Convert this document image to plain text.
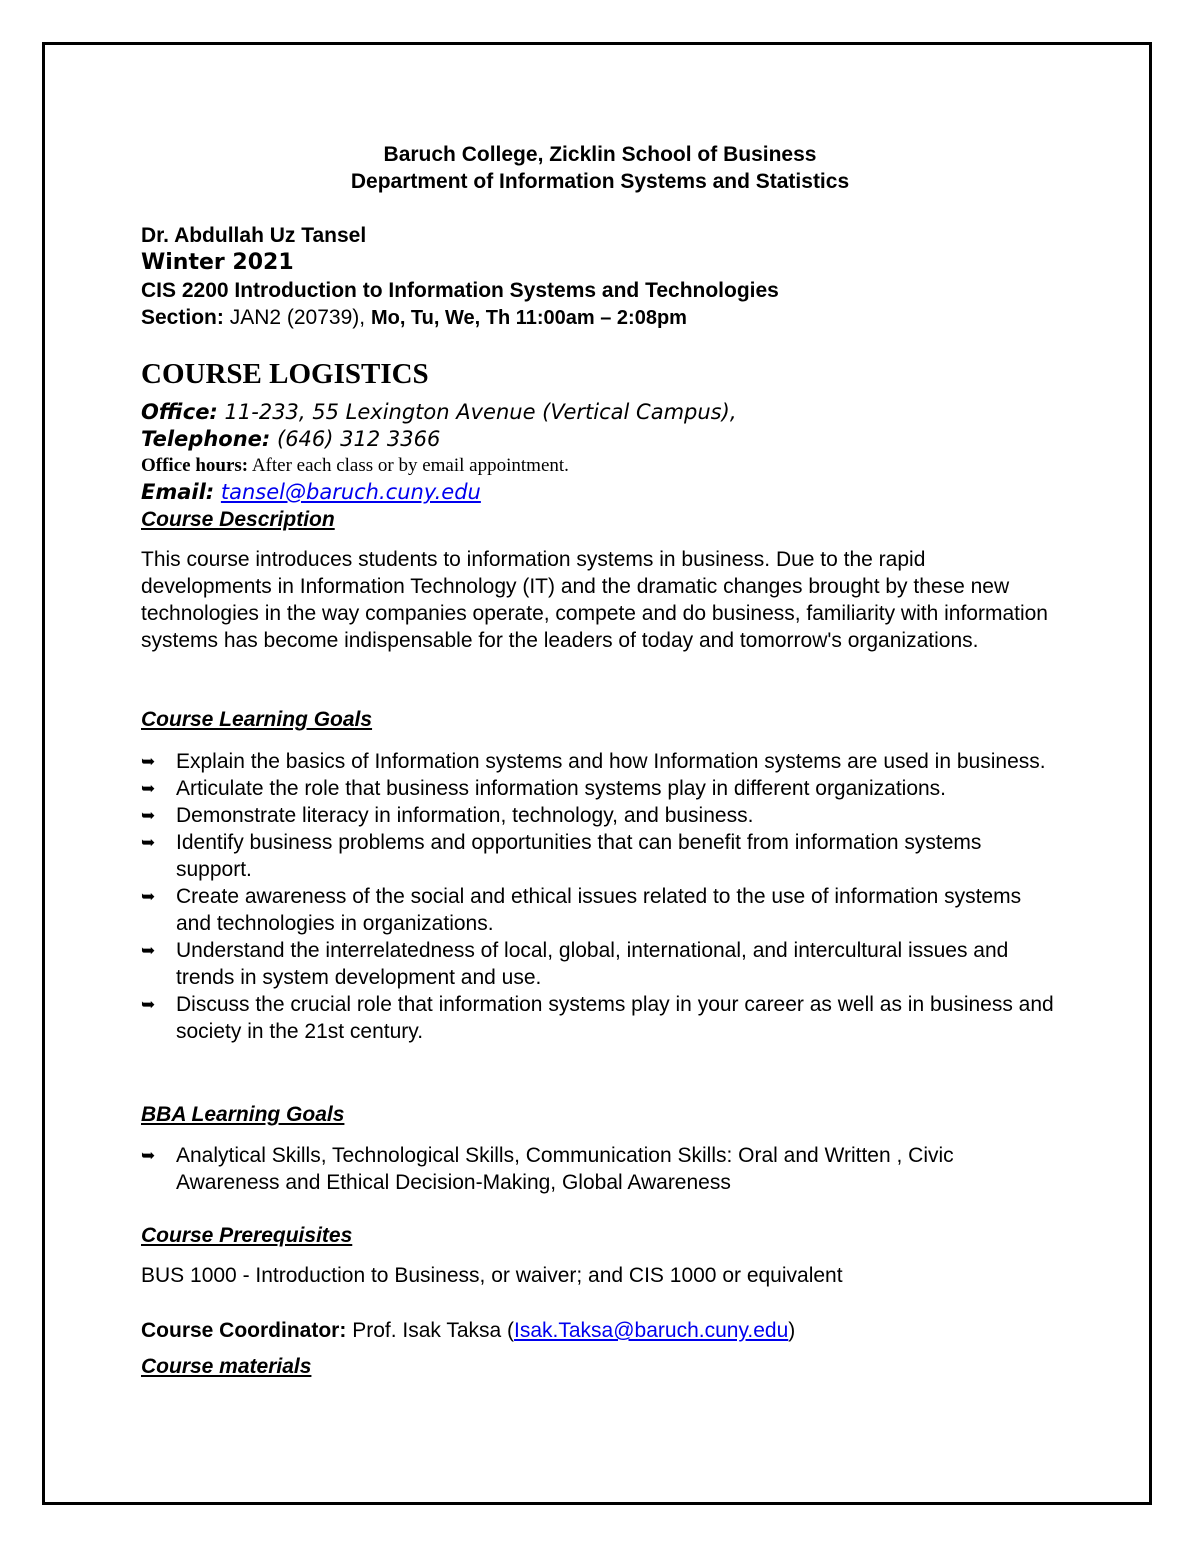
Baruch College, Zicklin School of Business
Department of Information Systems and Statistics
Dr. Abdullah Uz Tansel
Winter 2021
CIS 2200 Introduction to Information Systems and Technologies
Section: JAN2 (20739), Mo, Tu, We, Th 11:00am – 2:08pm
COURSE LOGISTICS
Office: 11-233, 55 Lexington Avenue (Vertical Campus),
Telephone: (646) 312 3366
Office hours: After each class or by email appointment.
Email: tansel@baruch.cuny.edu
Course Description
This course introduces students to information systems in business. Due to the rapid developments in Information Technology (IT) and the dramatic changes brought by these new technologies in the way companies operate, compete and do business, familiarity with information systems has become indispensable for the leaders of today and tomorrow's organizations.
Course Learning Goals
➥ Explain the basics of Information systems and how Information systems are used in business.
➥ Articulate the role that business information systems play in different organizations.
➥ Demonstrate literacy in information, technology, and business.
➥ Identify business problems and opportunities that can benefit from information systems support.
➥ Create awareness of the social and ethical issues related to the use of information systems and technologies in organizations.
➥ Understand the interrelatedness of local, global, international, and intercultural issues and trends in system development and use.
➥ Discuss the crucial role that information systems play in your career as well as in business and society in the 21st century.
BBA Learning Goals
➥ Analytical Skills, Technological Skills, Communication Skills: Oral and Written , Civic Awareness and Ethical Decision-Making, Global Awareness
Course Prerequisites
BUS 1000 - Introduction to Business, or waiver; and CIS 1000 or equivalent
Course Coordinator: Prof. Isak Taksa (Isak.Taksa@baruch.cuny.edu)
Course materials
